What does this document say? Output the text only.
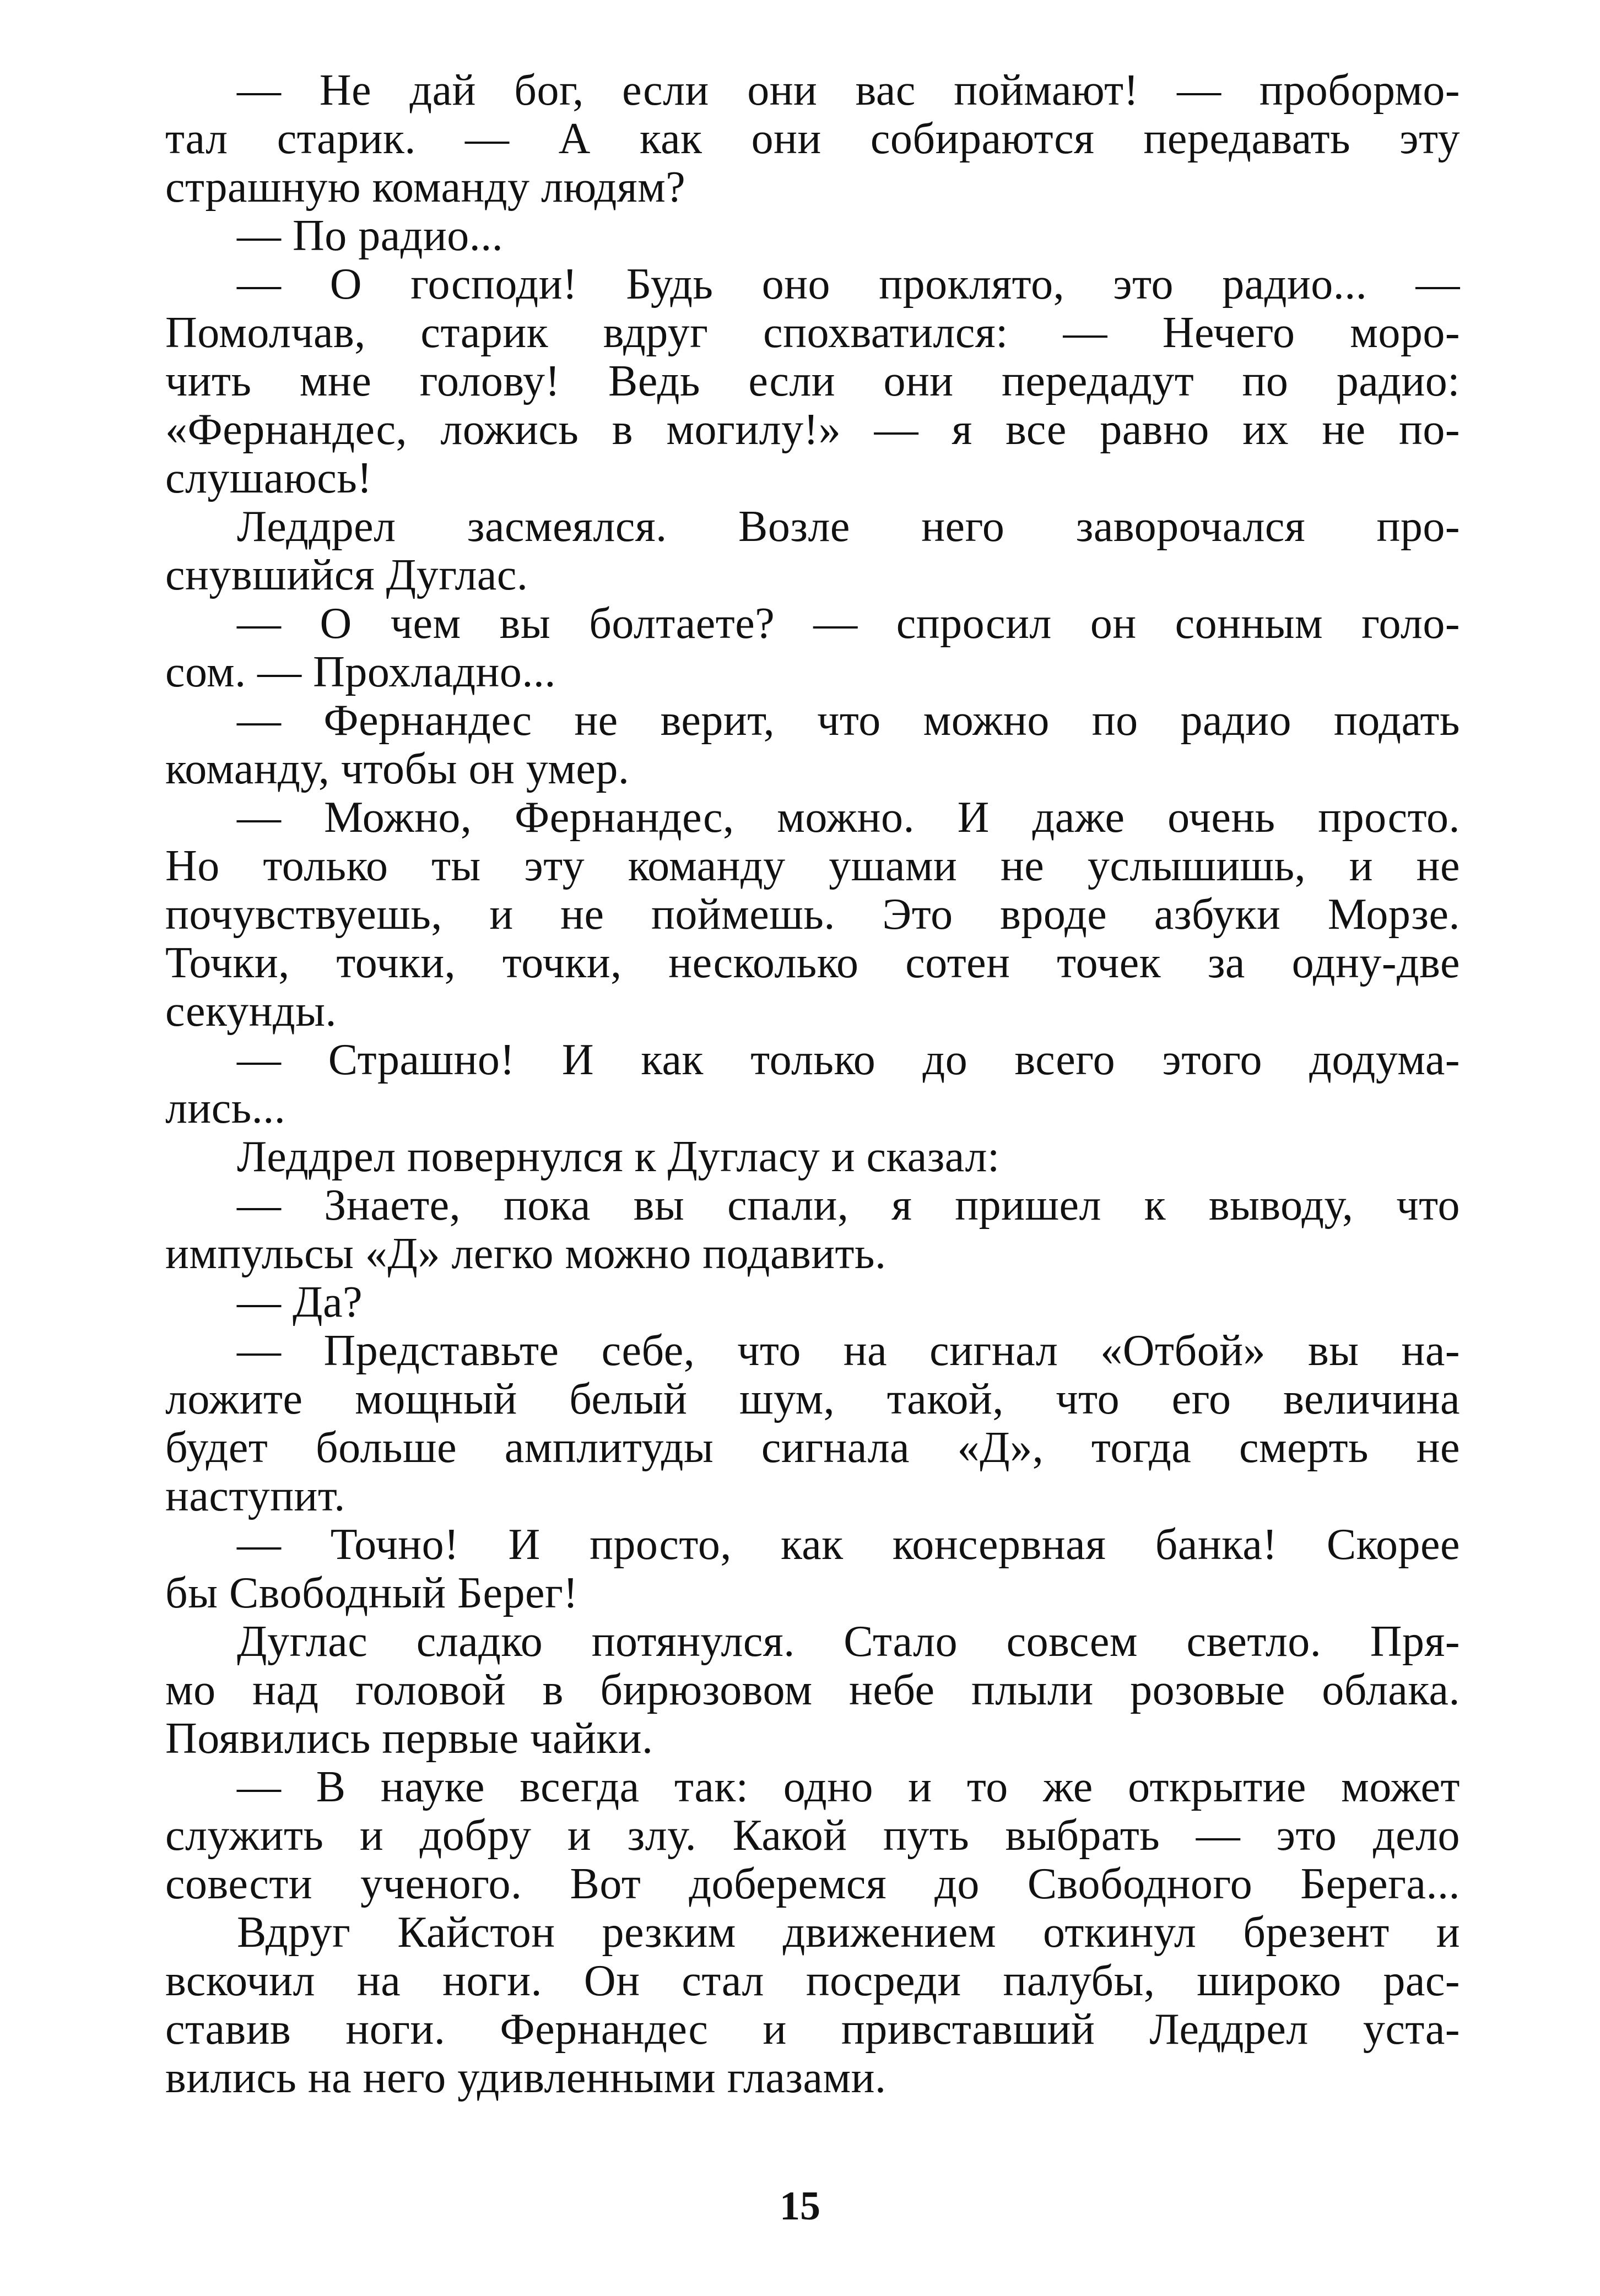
— Не дай бог, если они вас поймают! — пробормо-
тал старик. — А как они собираются передавать эту
страшную команду людям?
— По радио...
— О господи! Будь оно проклято, это радио... —
Помолчав, старик вдруг спохватился: — Нечего моро-
чить мне голову! Ведь если они передадут по радио:
«Фернандес, ложись в могилу!» — я все равно их не по-
слушаюсь!
Леддрел засмеялся. Возле него заворочался про-
снувшийся Дуглас.
— О чем вы болтаете? — спросил он сонным голо-
сом. — Прохладно...
— Фернандес не верит, что можно по радио подать
команду, чтобы он умер.
— Можно, Фернандес, можно. И даже очень просто.
Но только ты эту команду ушами не услышишь, и не
почувствуешь, и не поймешь. Это вроде азбуки Морзе.
Точки, точки, точки, несколько сотен точек за одну-две
секунды.
— Страшно! И как только до всего этого додума-
лись...
Леддрел повернулся к Дугласу и сказал:
— Знаете, пока вы спали, я пришел к выводу, что
импульсы «Д» легко можно подавить.
— Да?
— Представьте себе, что на сигнал «Отбой» вы на-
ложите мощный белый шум, такой, что его величина
будет больше амплитуды сигнала «Д», тогда смерть не
наступит.
— Точно! И просто, как консервная банка! Скорее
бы Свободный Берег!
Дуглас сладко потянулся. Стало совсем светло. Пря-
мо над головой в бирюзовом небе плыли розовые облака.
Появились первые чайки.
— В науке всегда так: одно и то же открытие может
служить и добру и злу. Какой путь выбрать — это дело
совести ученого. Вот доберемся до Свободного Берега...
Вдруг Кайстон резким движением откинул брезент и
вскочил на ноги. Он стал посреди палубы, широко рас-
ставив ноги. Фернандес и привставший Леддрел уста-
вились на него удивленными глазами.
15
